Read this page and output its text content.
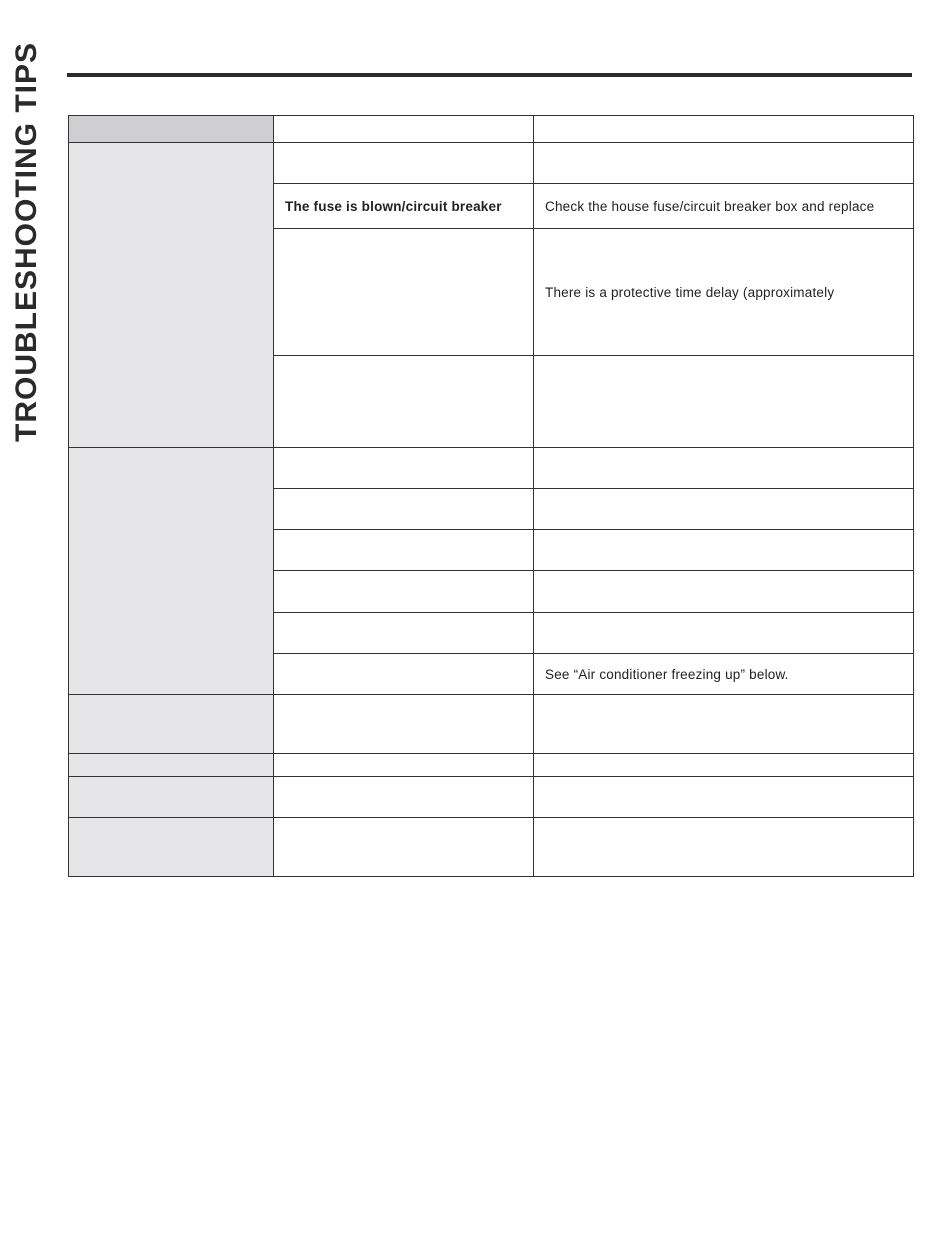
TROUBLESHOOTING TIPS

	The fuse is blown/circuit breaker	Check the house fuse/circuit breaker box and replace
		There is a protective time delay (approximately

		See “Air conditioner freezing up” below.
